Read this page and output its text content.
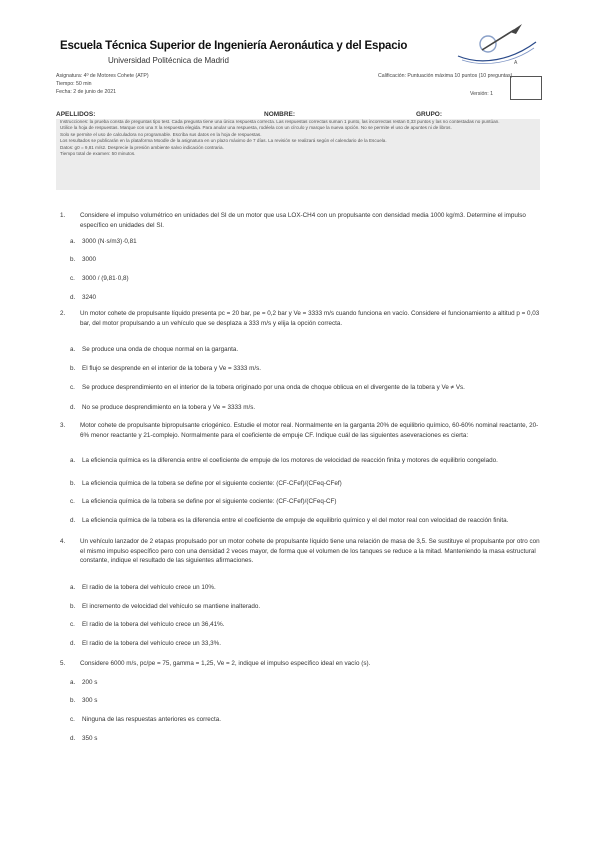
Escuela Técnica Superior de Ingeniería Aeronáutica y del Espacio
Universidad Politécnica de Madrid	A
Asignatura: 4º de Motores Cohete (ATP)
Tiempo: 50 min
Fecha: 2 de junio de 2021
Calificación: Puntuación máxima 10 puntos (10 preguntas)
Versión: 1
APELLIDOS:	NOMBRE:	GRUPO:

Instrucciones: la prueba consta de preguntas tipo test. Cada pregunta tiene una única respuesta correcta. Las respuestas correctas suman 1 punto, las incorrectas restan 0,33 puntos y las no contestadas no puntúan.

Utilice la hoja de respuestas. Marque con una X la respuesta elegida. Para anular una respuesta, rodéela con un círculo y marque la nueva opción. No se permite el uso de apuntes ni de libros.

Solo se permite el uso de calculadora no programable. Escriba sus datos en la hoja de respuestas.

Los resultados se publicarán en la plataforma Moodle de la asignatura en un plazo máximo de 7 días. La revisión se realizará según el calendario de la Escuela.

Datos: g0 = 9,81 m/s2. Desprecie la presión ambiente salvo indicación contraria.

Tiempo total de examen: 50 minutos.

1. Considere el impulso volumétrico en unidades del SI de un motor que usa LOX-CH4 con un propulsante con densidad media 1000 kg/m3. Determine el impulso específico en unidades del SI.
a. 3000 (N·s/m3)·0,81
b. 3000
c. 3000 / (9,81·0,8)
d. 3240
2. Un motor cohete de propulsante líquido presenta pc = 20 bar, pe = 0,2 bar y Ve = 3333 m/s cuando funciona en vacío. Considere el funcionamiento a altitud p = 0,03 bar, del motor propulsando a un vehículo que se desplaza a 333 m/s y elija la opción correcta.
a. Se produce una onda de choque normal en la garganta.
b. El flujo se desprende en el interior de la tobera y Ve = 3333 m/s.
c. Se produce desprendimiento en el interior de la tobera originado por una onda de choque oblicua en el divergente de la tobera y Ve ≠ Vs.
d. No se produce desprendimiento en la tobera y Ve = 3333 m/s.
3. Motor cohete de propulsante bipropulsante criogénico. Estudie el motor real. Normalmente en la garganta 20% de equilibrio químico, 60-60% nominal reactante, 20-6% menor reactante y 21-complejo. Normalmente para el coeficiente de empuje CF. Indique cuál de las siguientes aseveraciones es cierta:
a. La eficiencia química es la diferencia entre el coeficiente de empuje de los motores de velocidad de reacción finita y motores de equilibrio congelado.
b. La eficiencia química de la tobera se define por el siguiente cociente: (CF-CFef)/(CFeq-CFef)
c. La eficiencia química de la tobera se define por el siguiente cociente: (CF-CFef)/(CFeq-CF)
d. La eficiencia química de la tobera es la diferencia entre el coeficiente de empuje de equilibrio químico y el del motor real con velocidad de reacción finita.
4. Un vehículo lanzador de 2 etapas propulsado por un motor cohete de propulsante líquido tiene una relación de masa de 3,5. Se sustituye el propulsante por otro con el mismo impulso específico pero con una densidad 2 veces mayor, de forma que el volumen de los tanques se reduce a la mitad. Manteniendo la masa estructural constante, indique el resultado de las siguientes afirmaciones.
a. El radio de la tobera del vehículo crece un 10%.
b. El incremento de velocidad del vehículo se mantiene inalterado.
c. El radio de la tobera del vehículo crece un 36,41%.
d. El radio de la tobera del vehículo crece un 33,3%.
5. Considere 6000 m/s, pc/pe = 75, gamma = 1,25, Ve = 2, indique el impulso específico ideal en vacío (s).
a. 200 s
b. 300 s
c. Ninguna de las respuestas anteriores es correcta.
d. 350 s
